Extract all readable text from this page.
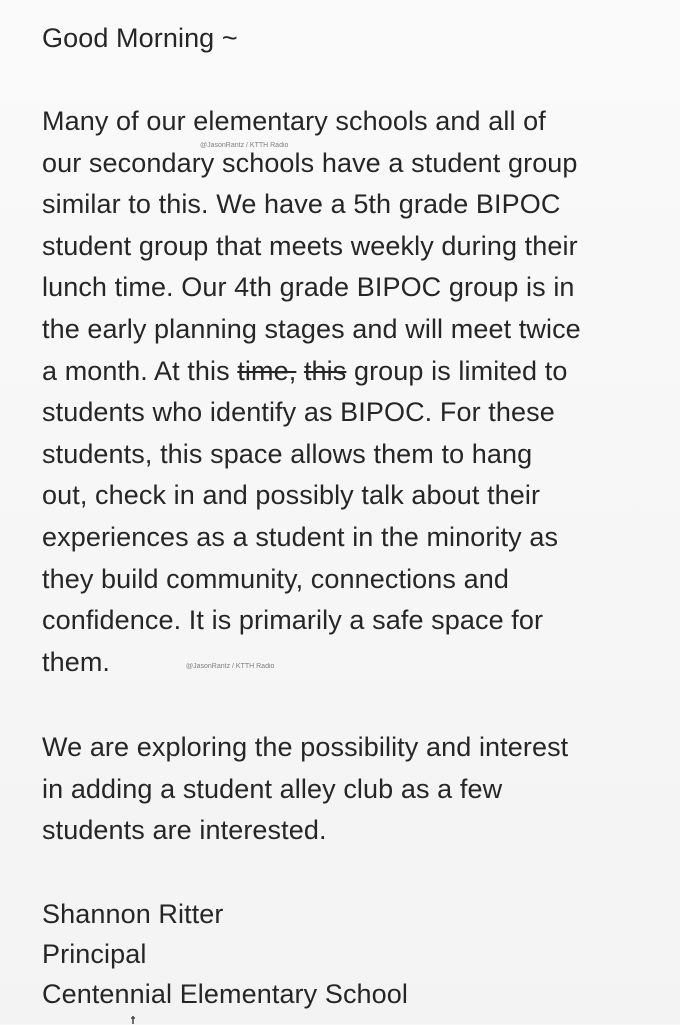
Good Morning ~
Many of our elementary schools and all of
our secondary schools have a student group
similar to this. We have a 5th grade BIPOC
student group that meets weekly during their
lunch time. Our 4th grade BIPOC group is in
the early planning stages and will meet twice
a month. At this time, this group is limited to
students who identify as BIPOC. For these
students, this space allows them to hang
out, check in and possibly talk about their
experiences as a student in the minority as
they build community, connections and
confidence. It is primarily a safe space for
them.
We are exploring the possibility and interest
in adding a student alley club as a few
students are interested.
Shannon Ritter
Principal
Centennial Elementary School
@JasonRantz / KTTH Radio
@JasonRantz / KTTH Radio
